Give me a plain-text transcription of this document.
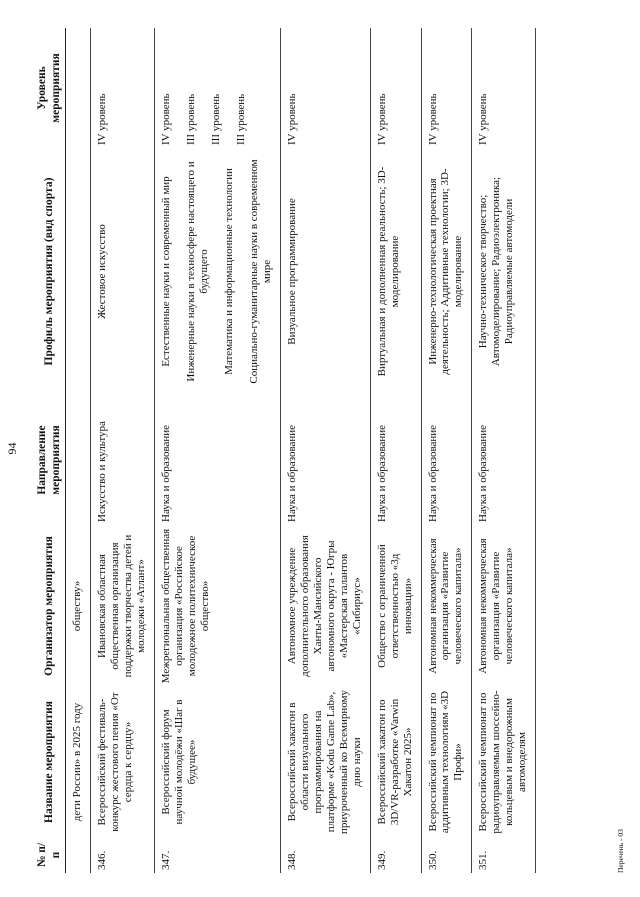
94
№ п/п	Название мероприятия	Организатор мероприятия	Направление мероприятия	Профиль мероприятия (вид спорта)	Уровень мероприятия
	дети России» в 2025 году	обществу»		

346.	Всероссийский фестиваль-конкурс жестового пения «От сердца к сердцу»	Ивановская областная общественная организация поддержки творчества детей и молодежи «Атлант»	Искусство и культура	Жестовое искусство	IV уровень

347.	Всероссийский форум научной молодёжи «Шаг в будущее»	Межрегиональная общественная организация «Российское молодежное политехническое общество»	Наука и образование	Естественные науки и современный мир Инженерные науки в техносфере настоящего и будущего Математика и информационные технологии Социально-гуманитарные науки в современном мире	IV уровень III уровень III уровень III уровень

348.	Всероссийский хакатон в области визуального программирования на платформе «Kodu Game Lab», приуроченный ко Всемирному дню науки	Автономное учреждение дополнительного образования Ханты-Мансийского автономного округа - Югры «Мастерская талантов «Сибириус»	Наука и образование	Визуальное программирование	IV уровень

349.	Всероссийский хакатон по 3D/VR-разработке «Varwin Хакатон 2025»	Общество с ограниченной ответственностью «3д инновации»	Наука и образование	Виртуальная и дополненная реальность; 3D-моделирование	IV уровень

350.	Всероссийский чемпионат по аддитивным технологиям «3D Профи»	Автономная некоммерческая организация «Развитие человеческого капитала»	Наука и образование	Инженерно-технологическая проектная деятельность; Аддитивные технологии; 3D-моделирование	IV уровень

351.	Всероссийский чемпионат по радиоуправляемым шоссейно-кольцевым и внедорожным автомоделям	Автономная некоммерческая организация «Развитие человеческого капитала»	Наука и образование	Научно-техническое творчество; Автомоделирование; Радиоэлектроника; Радиоуправляемые автомодели	IV уровень
Перечень - 03
